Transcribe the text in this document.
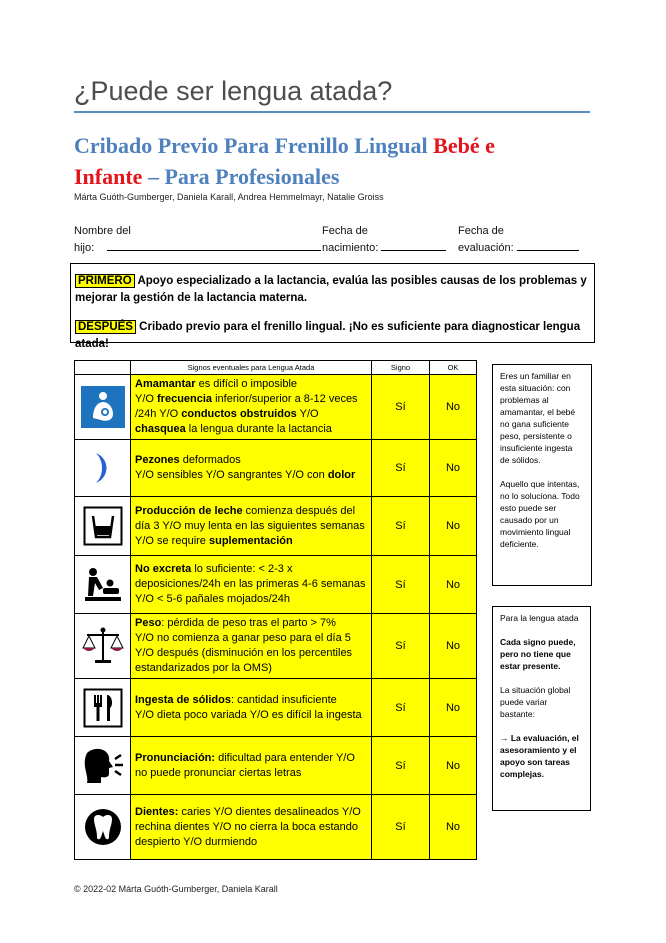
¿Puede ser lengua atada?
Cribado Previo Para Frenillo Lingual Bebé e
Infante – Para Profesionales
Márta Guóth-Gumberger, Daniela Karall, Andrea Hemmelmayr, Natalie Groiss
Nombre del
hijo:
Fecha de
nacimiento:
Fecha de
evaluación:
PRIMERO Apoyo especializado a la lactancia, evalúa las posibles causas de los problemas y mejorar la gestión de la lactancia materna.
DESPUÉS Cribado previo para el frenillo lingual. ¡No es suficiente para diagnosticar lengua atada!
	Signos eventuales para Lengua Atada	Signo	OK

	Amamantar es difícil o imposible
Y/O frecuencia inferior/superior a 8-12 veces /24h Y/O conductos obstruidos Y/O chasquea la lengua durante la lactancia	Sí	No

	Pezones deformados
Y/O sensibles Y/O sangrantes Y/O con dolor	Sí	No

	Producción de leche comienza después del día 3 Y/O muy lenta en las siguientes semanas Y/O se require suplementación	Sí	No

	No excreta lo suficiente: < 2-3 x deposiciones/24h en las primeras 4-6 semanas Y/O < 5-6 pañales mojados/24h	Sí	No

	Peso: pérdida de peso tras el parto > 7%
Y/O no comienza a ganar peso para el día 5 Y/O después (disminución en los percentiles estandarizados por la OMS)	Sí	No

	Ingesta de sólidos: cantidad insuficiente
Y/O dieta poco variada Y/O es difícil la ingesta	Sí	No

	Pronunciación: dificultad para entender Y/O no puede pronunciar ciertas letras	Sí	No

	Dientes: caries Y/O dientes desalineados Y/O rechina dientes Y/O no cierra la boca estando despierto Y/O durmiendo	Sí	No

Eres un familiar en esta situación: con problemas al amamantar, el bebé no gana suficiente peso, persistente o insuficiente ingesta de sólidos.

Aquello que intentas, no lo soluciona. Todo esto puede ser causado por un movimiento lingual deficiente.

Para la lengua atada

Cada signo puede, pero no tiene que estar presente.

La situación global puede variar bastante:

→ La evaluación, el asesoramiento y el apoyo son tareas complejas.

© 2022-02 Márta Guóth-Gumberger, Daniela Karall
